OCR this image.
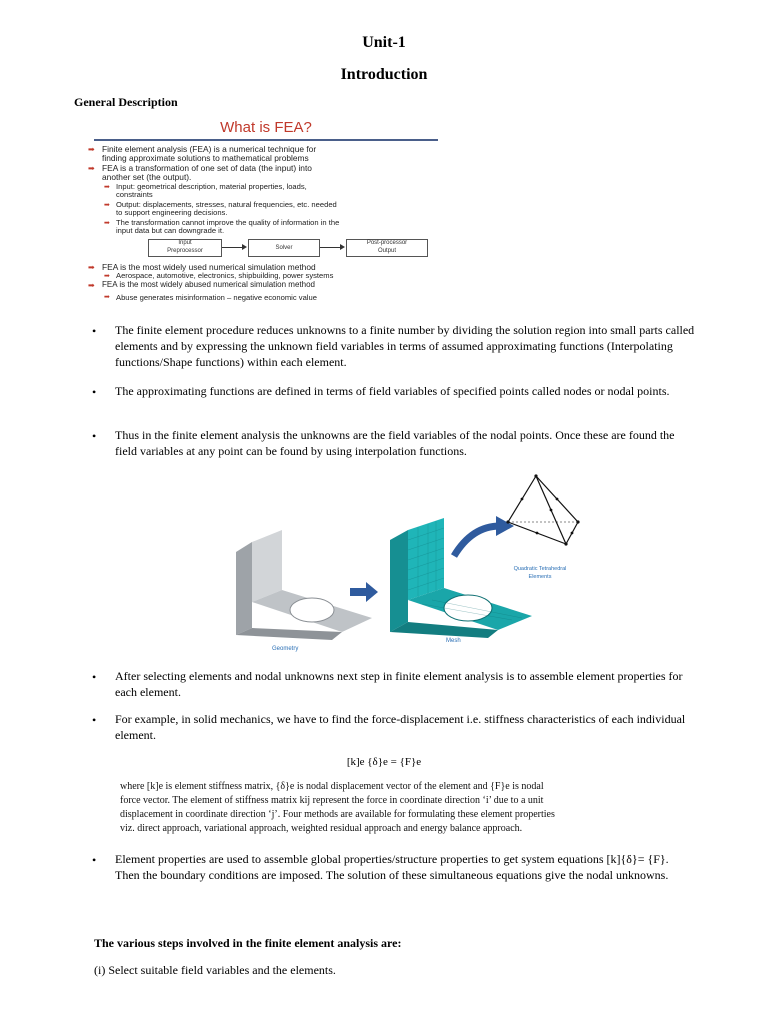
Unit-1
Introduction
General Description
What is FEA?
➡ Finite element analysis (FEA) is a numerical technique for
finding approximate solutions to mathematical problems
➡ FEA is a transformation of one set of data (the input) into
another set (the output).
➡ Input: geometrical description, material properties, loads,
constraints
➡ Output: displacements, stresses, natural frequencies, etc. needed
to support engineering decisions.
➡ The transformation cannot improve the quality of information in the
input data but can downgrade it.
Input
Preprocessor	Solver
Post-processor
Output
➡ FEA is the most widely used numerical simulation method
➡ Aerospace, automotive, electronics, shipbuilding, power systems
➡ FEA is the most widely abused numerical simulation method
Abuse generates misinformation – negative economic value
➡
• The finite element procedure reduces unknowns to a finite number by dividing the solution region into small parts called elements and by expressing the unknown field variables in terms of assumed approximating functions (Interpolating functions/Shape functions) within each element.
• The approximating functions are defined in terms of field variables of specified points called nodes or nodal points.
• Thus in the finite element analysis the unknowns are the field variables of the nodal points. Once these are found the field variables at any point can be found by using interpolation functions.
Geometry
Mesh
Quadratic Tetrahedral
Elements
• After selecting elements and nodal unknowns next step in finite element analysis is to assemble element properties for each element.
• For example, in solid mechanics, we have to find the force-displacement i.e. stiffness characteristics of each individual element.
[k]e {δ}e = {F}e
where [k]e is element stiffness matrix, {δ}e is nodal displacement vector of the element and {F}e is nodal
force vector. The element of stiffness matrix kij represent the force in coordinate direction ‘i’ due to a unit
displacement in coordinate direction ‘j’. Four methods are available for formulating these element properties
viz. direct approach, variational approach, weighted residual approach and energy balance approach.
• Element properties are used to assemble global properties/structure properties to get system equations [k]{δ}= {F}. Then the boundary conditions are imposed. The solution of these simultaneous equations give the nodal unknowns.
The various steps involved in the finite element analysis are:
(i) Select suitable field variables and the elements.
